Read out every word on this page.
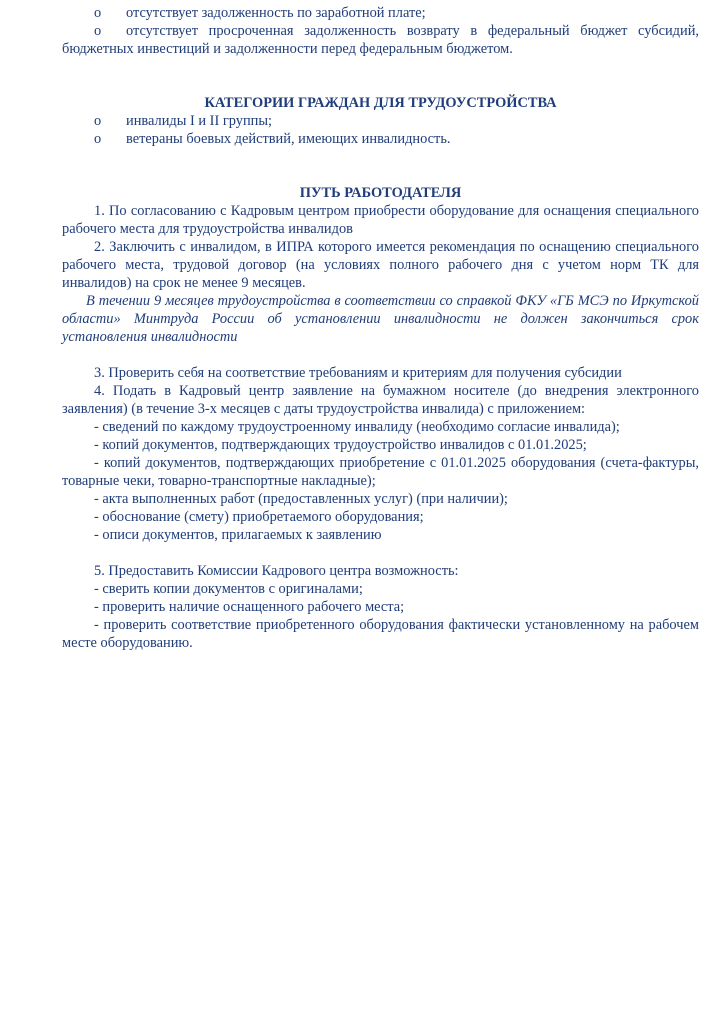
o отсутствует задолженность по заработной плате;
o отсутствует просроченная задолженность возврату в федеральный бюджет субсидий, бюджетных инвестиций и задолженности перед федеральным бюджетом.
КАТЕГОРИИ ГРАЖДАН ДЛЯ ТРУДОУСТРОЙСТВА
o инвалиды I и II группы;
o ветераны боевых действий, имеющих инвалидность.
ПУТЬ РАБОТОДАТЕЛЯ
1. По согласованию с Кадровым центром приобрести оборудование для оснащения специального рабочего места для трудоустройства инвалидов
2. Заключить с инвалидом, в ИПРА которого имеется рекомендация по оснащению специального рабочего места, трудовой договор (на условиях полного рабочего дня с учетом норм ТК для инвалидов) на срок не менее 9 месяцев.
В течении 9 месяцев трудоустройства в соответствии со справкой ФКУ «ГБ МСЭ по Иркутской области» Минтруда России об установлении инвалидности не должен закончиться срок установления инвалидности
3. Проверить себя на соответствие требованиям и критериям для получения субсидии
4. Подать в Кадровый центр заявление на бумажном носителе (до внедрения электронного заявления) (в течение 3-х месяцев с даты трудоустройства инвалида) с приложением:
- сведений по каждому трудоустроенному инвалиду (необходимо согласие инвалида);
- копий документов, подтверждающих трудоустройство инвалидов с 01.01.2025;
- копий документов, подтверждающих приобретение с 01.01.2025 оборудования (счета-фактуры, товарные чеки, товарно-транспортные накладные);
- акта выполненных работ (предоставленных услуг) (при наличии);
- обоснование (смету) приобретаемого оборудования;
- описи документов, прилагаемых к заявлению
5. Предоставить Комиссии Кадрового центра возможность:
- сверить копии документов с оригиналами;
- проверить наличие оснащенного рабочего места;
- проверить соответствие приобретенного оборудования фактически установленному на рабочем месте оборудованию.
